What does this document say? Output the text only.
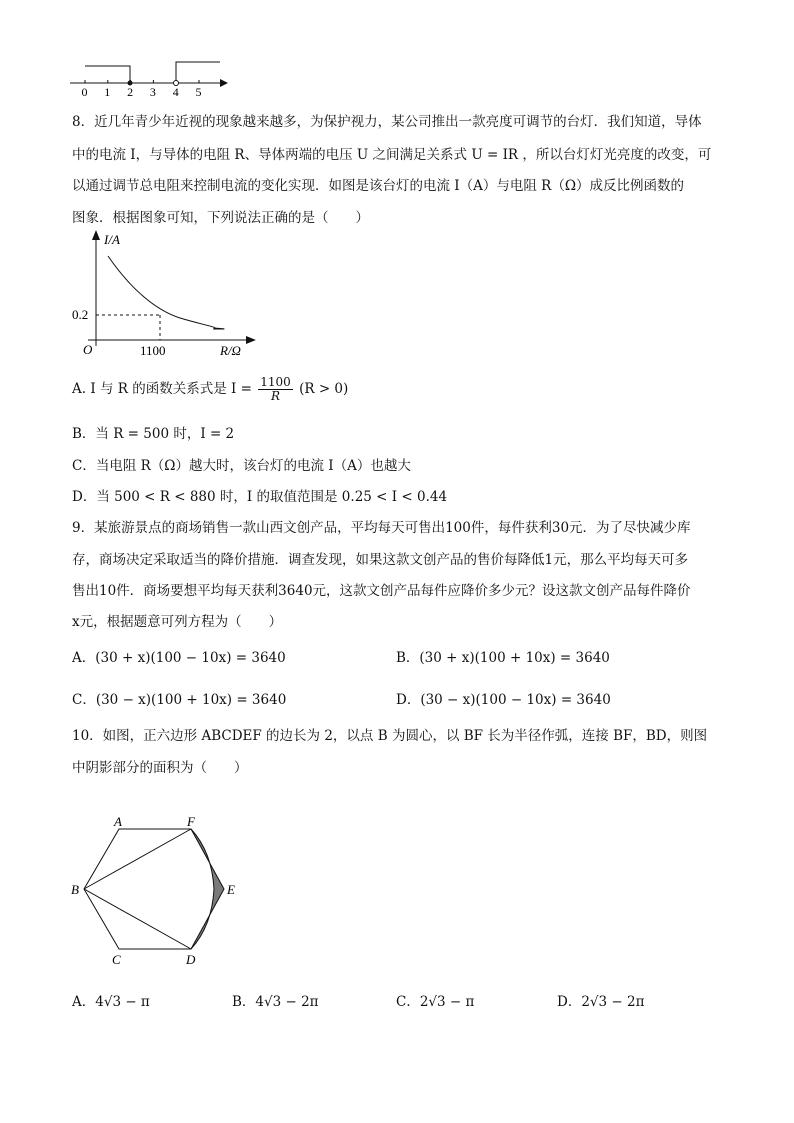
0 1 2 3 4 5
8．近几年青少年近视的现象越来越多，为保护视力，某公司推出一款亮度可调节的台灯．我们知道，导体
中的电流 I，与导体的电阻 R、导体两端的电压 U 之间满足关系式 U = IR ，所以台灯灯光亮度的改变，可
以通过调节总电阻来控制电流的变化实现．如图是该台灯的电流 I（A）与电阻 R（Ω）成反比例函数的
图象．根据图象可知，下列说法正确的是（　　）
I/A
R/Ω
O
0.2
1100
A. I 与 R 的函数关系式是 $I = \frac{1100}{R} (R > 0)$
B．当 R = 500 时，I = 2
C．当电阻 R（Ω）越大时，该台灯的电流 I（A）也越大
D．当 500 < R < 880 时，I 的取值范围是 0.25 < I < 0.44
9．某旅游景点的商场销售一款山西文创产品，平均每天可售出100件，每件获利30元．为了尽快减少库
存，商场决定采取适当的降价措施．调查发现，如果这款文创产品的售价每降低1元，那么平均每天可多
售出10件．商场要想平均每天获利3640元，这款文创产品每件应降价多少元？设这款文创产品每件降价
x元，根据题意可列方程为（　　）
A．(30 + x)(100 − 10x) = 3640	B．(30 + x)(100 + 10x) = 3640
C．(30 − x)(100 + 10x) = 3640	D．(30 − x)(100 − 10x) = 3640
10．如图，正六边形 ABCDEF 的边长为 2，以点 B 为圆心，以 BF 长为半径作弧，连接 BF，BD，则图
中阴影部分的面积为（　　）
A	F
B	E
C	D
A．4√3 − π	B．4√3 − 2π	C．2√3 − π	D．2√3 − 2π
